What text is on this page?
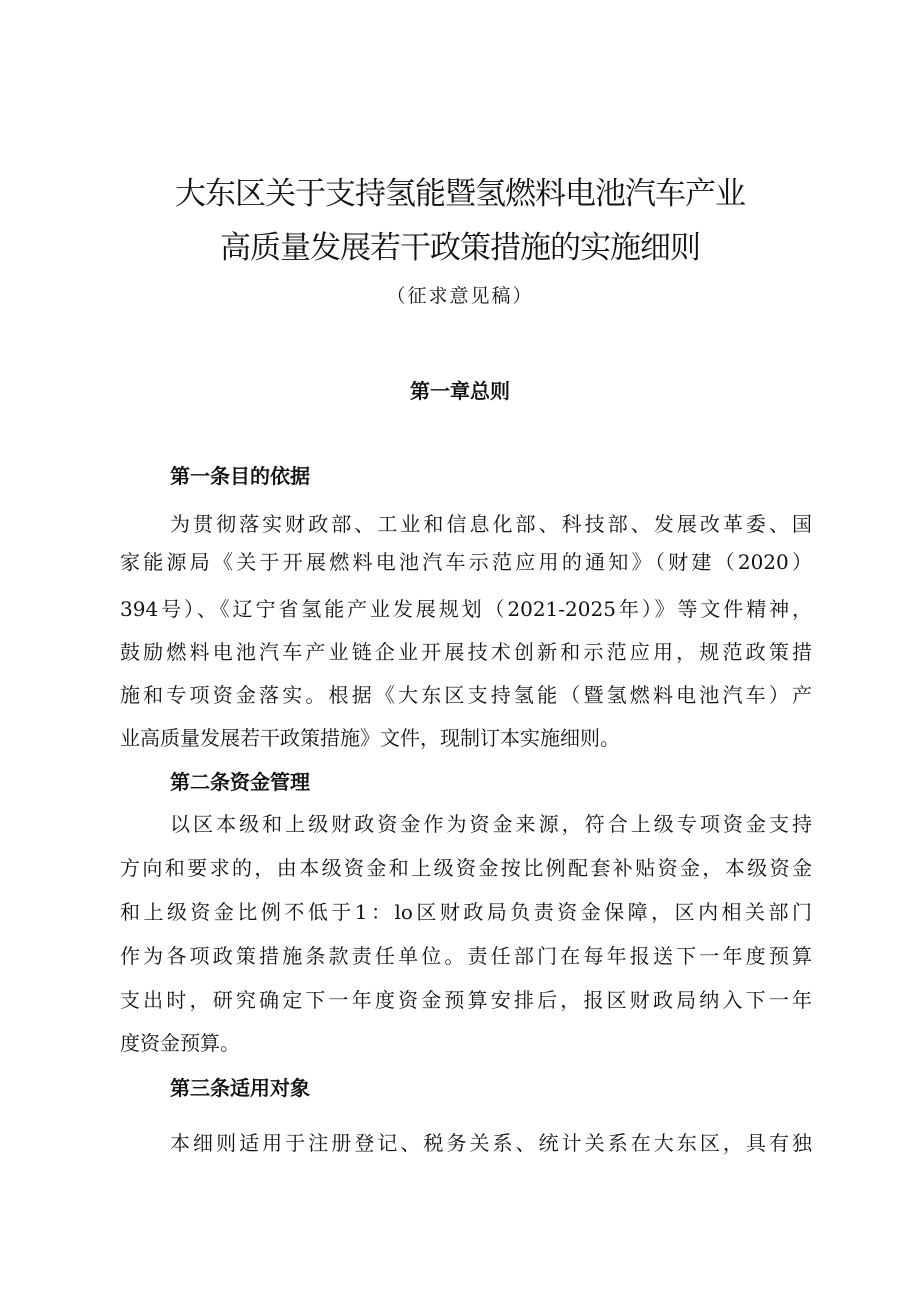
大东区关于支持氢能暨氢燃料电池汽车产业
高质量发展若干政策措施的实施细则
（征求意见稿）
第一章总则
第一条目的依据
为贯彻落实财政部、工业和信息化部、科技部、发展改革委、国
家能源局《关于开展燃料电池汽车示范应用的通知》（财建（2020）
394号）、《辽宁省氢能产业发展规划（2021-2025年）》等文件精神，
鼓励燃料电池汽车产业链企业开展技术创新和示范应用，规范政策措
施和专项资金落实。根据《大东区支持氢能（暨氢燃料电池汽车）产
业高质量发展若干政策措施》文件，现制订本实施细则。
第二条资金管理
以区本级和上级财政资金作为资金来源，符合上级专项资金支持
方向和要求的，由本级资金和上级资金按比例配套补贴资金，本级资金
和上级资金比例不低于1：lo区财政局负责资金保障，区内相关部门
作为各项政策措施条款责任单位。责任部门在每年报送下一年度预算
支出时，研究确定下一年度资金预算安排后，报区财政局纳入下一年
度资金预算。
第三条适用对象
本细则适用于注册登记、税务关系、统计关系在大东区，具有独
